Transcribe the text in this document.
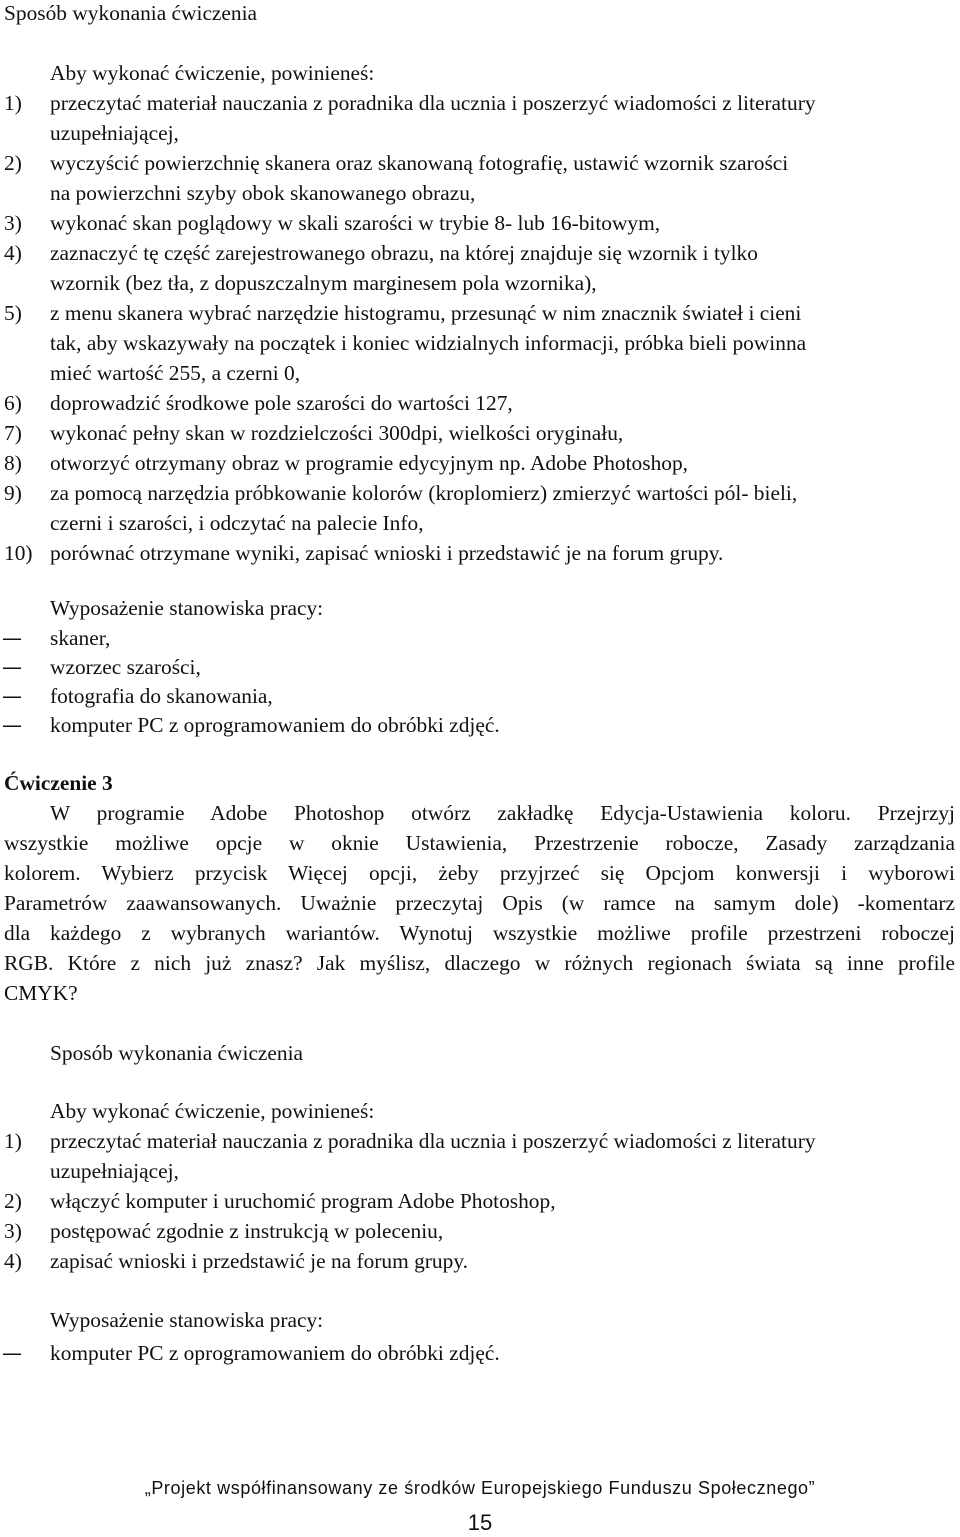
Sposób wykonania ćwiczenia
Aby wykonać ćwiczenie, powinieneś:
1) przeczytać materiał nauczania z poradnika dla ucznia i poszerzyć wiadomości z literatury
uzupełniającej,
2) wyczyścić powierzchnię skanera oraz skanowaną fotografię, ustawić wzornik szarości
na powierzchni szyby obok skanowanego obrazu,
3) wykonać skan poglądowy w skali szarości w trybie 8- lub 16-bitowym,
4) zaznaczyć tę część zarejestrowanego obrazu, na której znajduje się wzornik i tylko
wzornik (bez tła, z dopuszczalnym marginesem pola wzornika),
5) z menu skanera wybrać narzędzie histogramu, przesunąć w nim znacznik świateł i cieni
tak, aby wskazywały na początek i koniec widzialnych informacji, próbka bieli powinna
mieć wartość 255, a czerni 0,
6) doprowadzić środkowe pole szarości do wartości 127,
7) wykonać pełny skan w rozdzielczości 300dpi, wielkości oryginału,
8) otworzyć otrzymany obraz w programie edycyjnym np. Adobe Photoshop,
9) za pomocą narzędzia próbkowanie kolorów (kroplomierz) zmierzyć wartości pól- bieli,
czerni i szarości, i odczytać na palecie Info,
10) porównać otrzymane wyniki, zapisać wnioski i przedstawić je na forum grupy.
Wyposażenie stanowiska pracy:
— skaner,
— wzorzec szarości,
— fotografia do skanowania,
— komputer PC z oprogramowaniem do obróbki zdjęć.
Ćwiczenie 3
W programie Adobe Photoshop otwórz zakładkę Edycja-Ustawienia koloru. Przejrzyj
wszystkie możliwe opcje w oknie Ustawienia, Przestrzenie robocze, Zasady zarządzania
kolorem. Wybierz przycisk Więcej opcji, żeby przyjrzeć się Opcjom konwersji i wyborowi
Parametrów zaawansowanych. Uważnie przeczytaj Opis (w ramce na samym dole) -komentarz
dla każdego z wybranych wariantów. Wynotuj wszystkie możliwe profile przestrzeni roboczej
RGB. Które z nich już znasz? Jak myślisz, dlaczego w różnych regionach świata są inne profile
CMYK?
Sposób wykonania ćwiczenia
Aby wykonać ćwiczenie, powinieneś:
1) przeczytać materiał nauczania z poradnika dla ucznia i poszerzyć wiadomości z literatury
uzupełniającej,
2) włączyć komputer i uruchomić program Adobe Photoshop,
3) postępować zgodnie z instrukcją w poleceniu,
4) zapisać wnioski i przedstawić je na forum grupy.
Wyposażenie stanowiska pracy:
— komputer PC z oprogramowaniem do obróbki zdjęć.
„Projekt współfinansowany ze środków Europejskiego Funduszu Społecznego”
15
